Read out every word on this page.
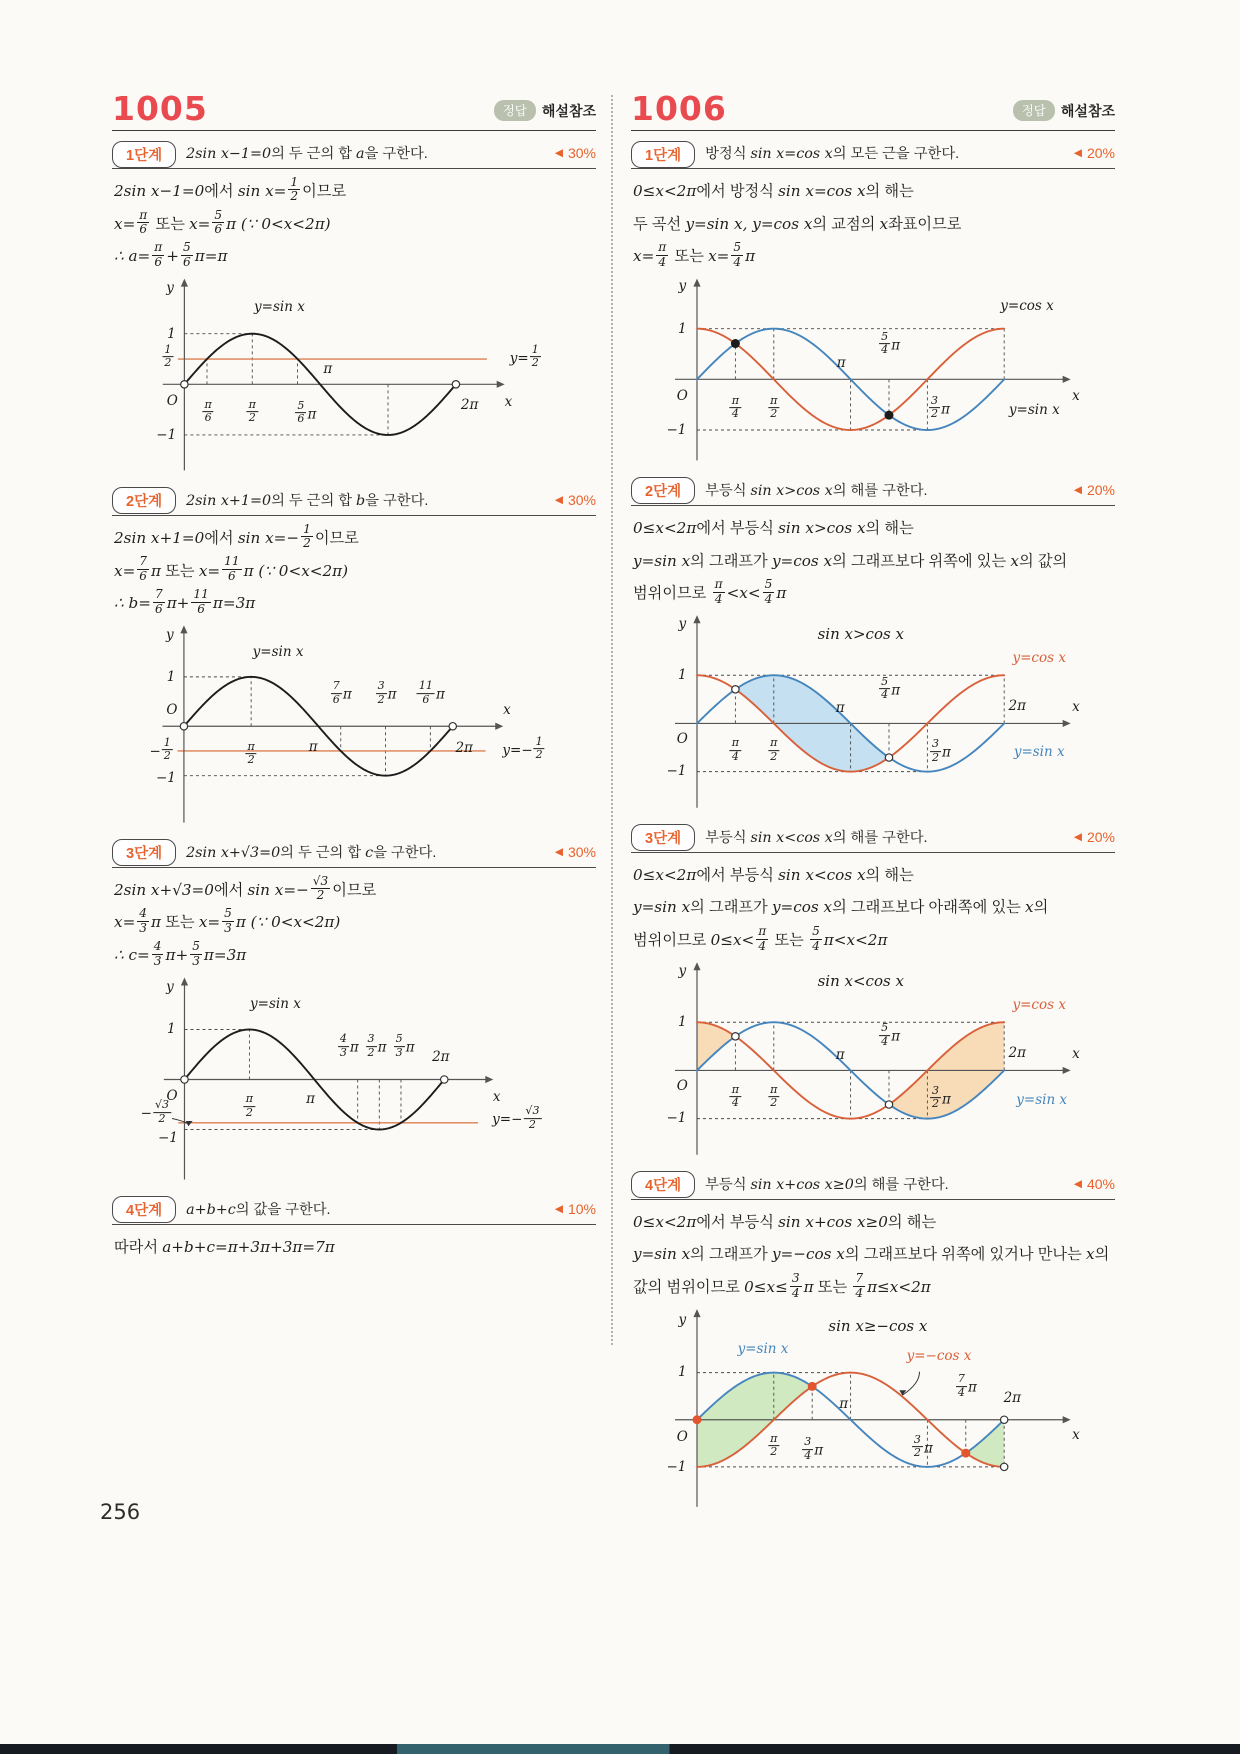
1005	정답	해설참조
1단계	2sin x−1=0의 두 근의 합 a을 구한다.	◀ 30%

2sin x−1=0에서 $\sin x= \frac{1}{2}$ 이므로

$x= \frac{\pi}{6}$ 또는 $x= \frac{5}{6}$ π (∵ 0<x<2π)

∴ $a= \frac{\pi}{6} + \frac{5}{6} \pi=\pi$

y
1
$\frac{1}{2}$
O $\frac{\pi}{6}$	$\frac{\pi}{2}$	$\frac{5}{6}$ π
π
2π x
−1
y=sin x
$y= \frac{1}{2}$
2단계	2sin x+1=0의 두 근의 합 b을 구한다.	◀ 30%

2sin x+1=0에서 $\sin x=- \frac{1}{2}$ 이므로

$x= \frac{7}{6}$ π 또는 $x= \frac{11}{6}$ π (∵ 0<x<2π)

∴ $b= \frac{7}{6} \pi+ \frac{11}{6} \pi=3\pi$

y
1
O
$\frac{\pi}{2}$	π
$\frac{7}{6}$ π $\frac{3}{2}$ π $\frac{11}{6}$ π
2π
x
− $\frac{1}{2}$
−1
y=sin x
$y=- \frac{1}{2}$
3단계	2sin x+√3=0의 두 근의 합 c을 구한다.	◀ 30%

2sin x+√3=0에서 $\sin x=- \frac{√3}{2}$ 이므로

$x= \frac{4}{3}$ π 또는 $x= \frac{5}{3}$ π (∵ 0<x<2π)

∴ $c= \frac{4}{3} \pi+ \frac{5}{3} \pi=3\pi$

y
1
O	$\frac{\pi}{2}$	π
$\frac{4}{3}$ π $\frac{3}{2}$ π $\frac{5}{3}$ π
2π
x
− $\frac{√3}{2}$
−1
y=sin x
$y=- \frac{√3}{2}$
4단계	a+b+c의 값을 구한다.	◀ 10%

따라서 a+b+c=π+3π+3π=7π

1006	정답	해설참조
1단계	방정식 sin x=cos x의 모든 근을 구한다.	◀ 20%

0≤x<2π에서 방정식 sin x=cos x의 해는

두 곡선 y=sin x, y=cos x의 교점의 x좌표이므로

$x= \frac{\pi}{4}$ 또는 $x= \frac{5}{4}$ π

y
1
O	$\frac{\pi}{4} \frac{\pi}{2}$
π
$\frac{5}{4}$ π
$\frac{3}{2}$ π
−1
x
y=cos x
y=sin x
2단계	부등식 sin x>cos x의 해를 구한다.	◀ 20%

0≤x<2π에서 부등식 sin x>cos x의 해는

y=sin x의 그래프가 y=cos x의 그래프보다 위쪽에 있는 x의 값의

범위이므로 $\frac{\pi}{4} <x< \frac{5}{4}$ π

sin x>cos x
y
1
O	$\frac{\pi}{4} \frac{\pi}{2}$
π
$\frac{5}{4}$ π
$\frac{3}{2}$ π
2π
−1
x
y=cos x
y=sin x
3단계	부등식 sin x<cos x의 해를 구한다.	◀ 20%

0≤x<2π에서 부등식 sin x<cos x의 해는

y=sin x의 그래프가 y=cos x의 그래프보다 아래쪽에 있는 x의

범위이므로 $0\le x< \frac{\pi}{4}$ 또는 $\frac{5}{4} \pi<x<2\pi$

sin x<cos x
y
1
O	$\frac{\pi}{4} \frac{\pi}{2}$
π
$\frac{5}{4}$ π
$\frac{3}{2}$ π
2π
−1
x
y=cos x
y=sin x
4단계	부등식 sin x+cos x≥0의 해를 구한다.	◀ 40%

0≤x<2π에서 부등식 sin x+cos x≥0의 해는

y=sin x의 그래프가 y=−cos x의 그래프보다 위쪽에 있거나 만나는 x의

값의 범위이므로 $0\le x\le \frac{3}{4}$ π 또는 $\frac{7}{4} \pi\le x<2\pi$

sin x≥−cos x
y
y=sin x	y=−cos x
1
O	$\frac{\pi}{2} \frac{3}{4}$ π
π
$\frac{3}{2}$ π
$\frac{7}{4}$ π
2π
−1
x
256
